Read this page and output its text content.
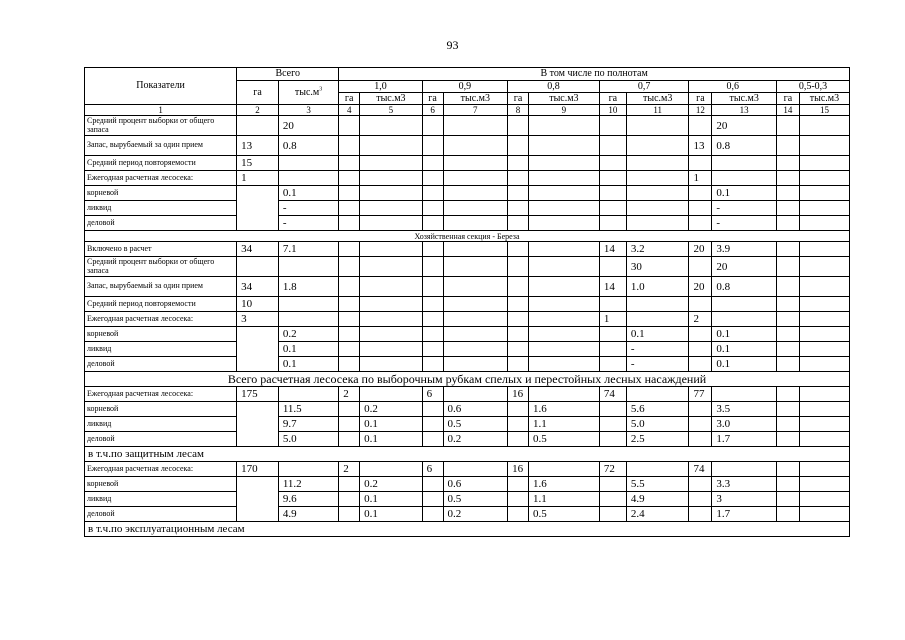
93
Показатели	Всего		В том числе по полнотам											
	га	$тыс.м^3$	1,0		0,9		0,8		0,7		0,6		0,5-0,3	
			га	тыс.м3	га	тыс.м3	га	тыс.м3	га	тыс.м3	га	тыс.м3	га	тыс.м3
1	2	3	4	5	6	7	8	9	10	11	12	13	14	15
Средний процент выборки от общего запаса		20										20		
Запас, вырубаемый за один прием	13	0.8									13	0.8		
Средний период повторяемости	15													
Ежегодная расчетная лесосека:	1										1			
корневой		0.1										0.1		
ликвид		-										-		
деловой		-										-		
Хозяйственная секция - Береза														
Включено в расчет	34	7.1							14	3.2	20	3.9		
Средний процент выборки от общего запаса										30		20		
Запас, вырубаемый за один прием	34	1.8							14	1.0	20	0.8		
Средний период повторяемости	10													
Ежегодная расчетная лесосека:	3								1		2			
корневой		0.2								0.1		0.1		
ликвид		0.1								-		0.1		
деловой		0.1								-		0.1		
Всего расчетная лесосека по выборочным рубкам спелых и перестойных лесных насаждений														
Ежегодная расчетная лесосека:	175		2		6		16		74		77			
корневой		11.5		0.2		0.6		1.6		5.6		3.5		
ликвид		9.7		0.1		0.5		1.1		5.0		3.0		
деловой		5.0		0.1		0.2		0.5		2.5		1.7		
в т.ч.по защитным лесам														
Ежегодная расчетная лесосека:	170		2		6		16		72		74			
корневой		11.2		0.2		0.6		1.6		5.5		3.3		
ликвид		9.6		0.1		0.5		1.1		4.9		3		
деловой		4.9		0.1		0.2		0.5		2.4		1.7		
в т.ч.по эксплуатационным лесам														
